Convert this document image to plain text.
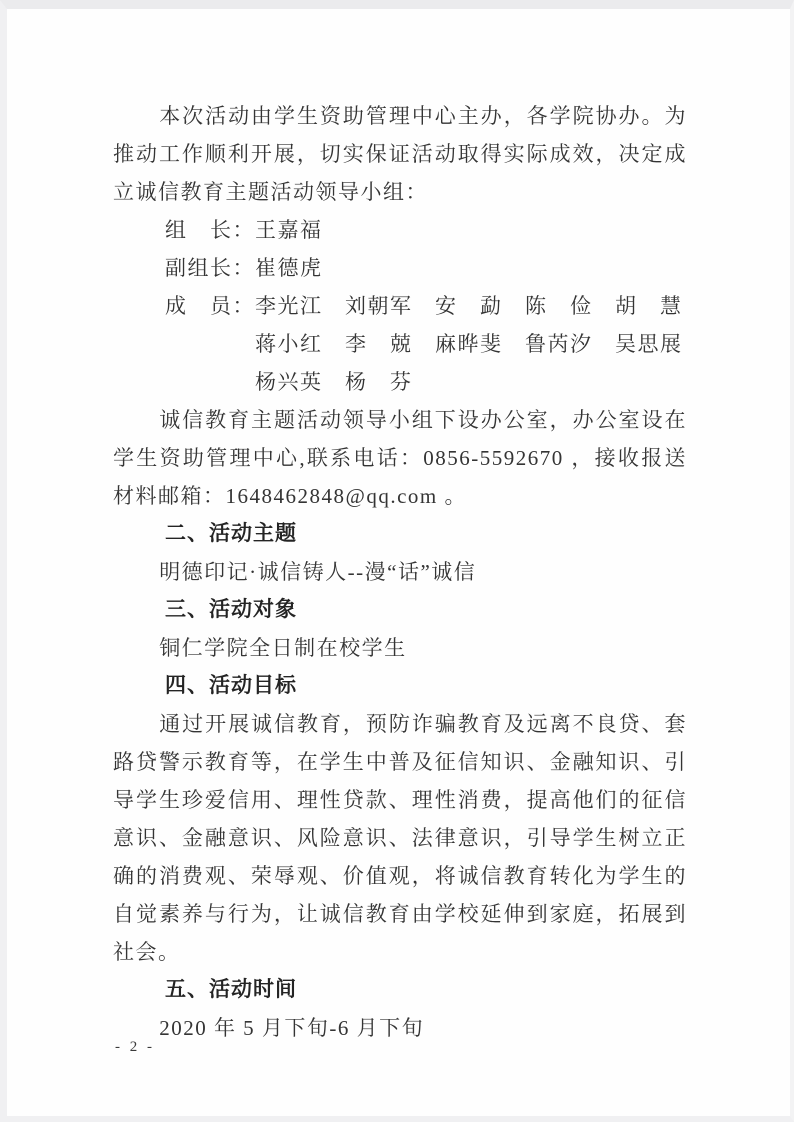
本次活动由学生资助管理中心主办，各学院协办。为推动工作顺利开展，切实保证活动取得实际成效，决定成立诚信教育主题活动领导小组：

组　长：王嘉福

副组长：崔德虎

成　员：李光江　刘朝军　安　勐　陈　俭　胡　慧

蒋小红　李　兢　麻晔斐　鲁芮汐　吴思展

杨兴英　杨　芬

诚信教育主题活动领导小组下设办公室，办公室设在学生资助管理中心,联系电话：0856-5592670 ，接收报送材料邮箱：1648462848@qq.com 。

二、活动主题

明德印记·诚信铸人--漫“话”诚信

三、活动对象

铜仁学院全日制在校学生

四、活动目标

通过开展诚信教育，预防诈骗教育及远离不良贷、套路贷警示教育等，在学生中普及征信知识、金融知识、引导学生珍爱信用、理性贷款、理性消费，提高他们的征信意识、金融意识、风险意识、法律意识，引导学生树立正确的消费观、荣辱观、价值观，将诚信教育转化为学生的自觉素养与行为，让诚信教育由学校延伸到家庭，拓展到社会。

五、活动时间

2020 年 5 月下旬-6 月下旬

- 2 -
